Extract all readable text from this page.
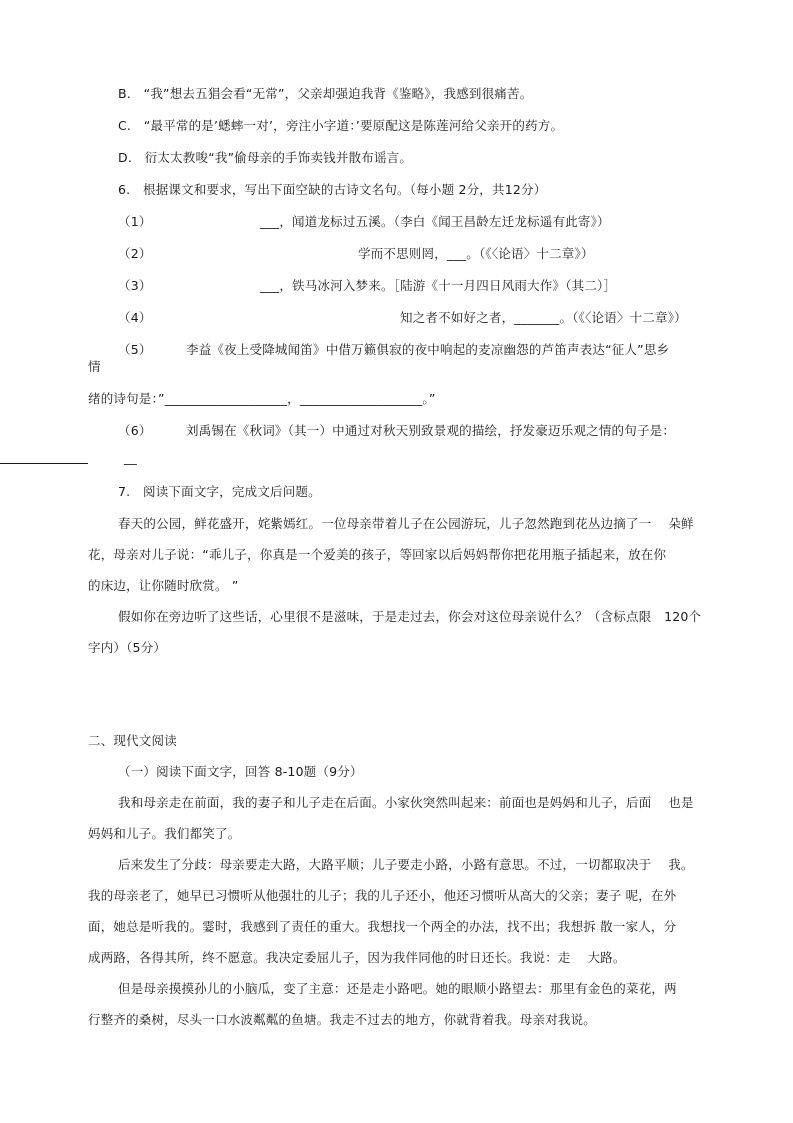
B.　“我”想去五猖会看“无常”，父亲却强迫我背《鉴略》，我感到很痛苦。
C.　“最平常的是’蟋蟀一对’，旁注小字道：’要原配这是陈莲河给父亲开的药方。
D.　衍太太教唆“我”偷母亲的手饰卖钱并散布谣言。
6.　根据课文和要求，写出下面空缺的古诗文名句。（每小题 2分，共12分）
（1）	___，闻道龙标过五溪。（李白《闻王昌龄左迁龙标遥有此寄》）
（2）	学而不思则罔，___。（《〈论语〉十二章》）
（3）	___，铁马冰河入梦来。［陆游《十一月四日风雨大作》（其二）］
（4）	知之者不如好之者，_______。（《〈论语〉十二章》）
（5）	李益《夜上受降城闻笛》中借万籁俱寂的夜中响起的麦凉幽怨的芦笛声表达“征人”思乡
情
绪的诗句是：”___________________，___________________。”
（6）	刘禹锡在《秋词》（其一）中通过对秋天别致景观的描绘，抒发豪迈乐观之情的句子是：
__
7.　阅读下面文字，完成文后问题。
春天的公园，鲜花盛开，姹紫嫣红。一位母亲带着儿子在公园游玩，儿子忽然跑到花丛边摘了一　 朵鲜
花，母亲对儿子说：“乖儿子，你真是一个爱美的孩子，等回家以后妈妈帮你把花用瓶子插起来，放在你
的床边，让你随时欣赏。 ”
假如你在旁边听了这些话，心里很不是滋味，于是走过去，你会对这位母亲说什么？（含标点限　120个
字内）（5分）
二、现代文阅读
（一）阅读下面文字，回答 8-10题（9分）
我和母亲走在前面，我的妻子和儿子走在后面。小家伙突然叫起来：前面也是妈妈和儿子，后面　 也是
妈妈和儿子。我们都笑了。
后来发生了分歧：母亲要走大路，大路平顺；儿子要走小路，小路有意思。不过，一切都取决于　 我。
我的母亲老了，她早已习惯听从他强壮的儿子；我的儿子还小，他还习惯听从高大的父亲；妻子 呢，在外
面，她总是听我的。霎时，我感到了责任的重大。我想找一个两全的办法，找不出；我想拆 散一家人，分
成两路，各得其所，终不愿意。我决定委屈儿子，因为我伴同他的时日还长。我说：走　 大路。
但是母亲摸摸孙儿的小脑瓜，变了主意：还是走小路吧。她的眼顺小路望去：那里有金色的菜花，两
行整齐的桑树，尽头一口水波粼粼的鱼塘。我走不过去的地方，你就背着我。母亲对我说。
